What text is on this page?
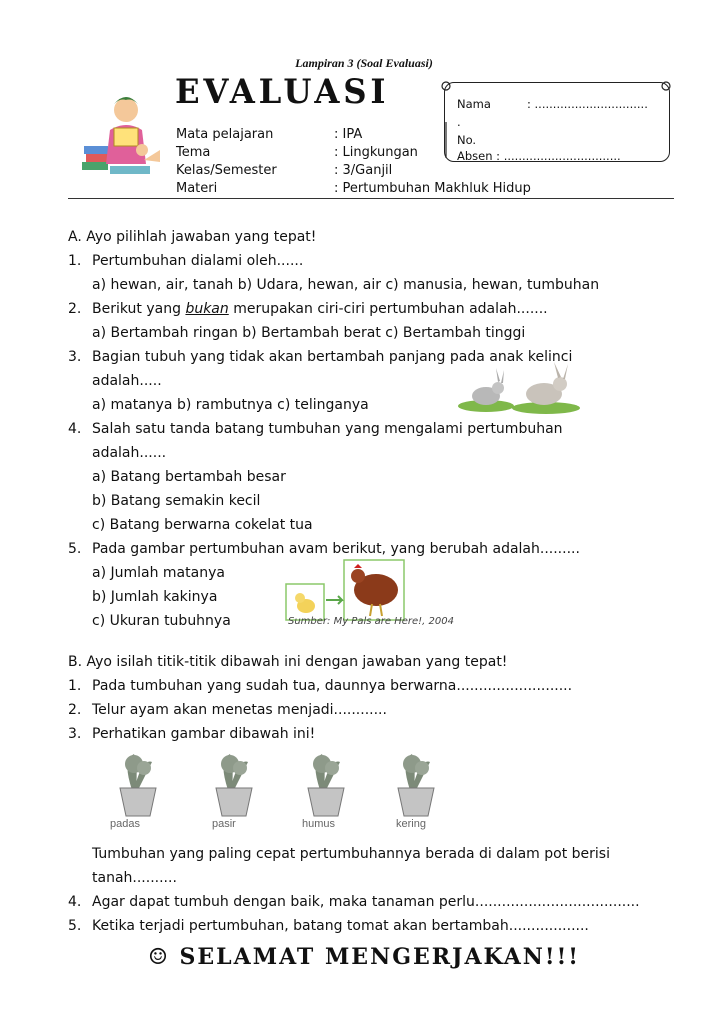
Lampiran 3 (Soal Evaluasi)
EVALUASI
Mata pelajaran	: IPA
Tema	: Lingkungan
Kelas/Semester	: 3/Ganjil
Materi	: Pertumbuhan Makhluk Hidup
Nama	: ...............................
.
No.
Absen : ................................
A. Ayo pilihlah jawaban yang tepat!
1. Pertumbuhan dialami oleh......
a) hewan, air, tanah b) Udara, hewan, air c) manusia, hewan, tumbuhan
2. Berikut yang bukan merupakan ciri-ciri pertumbuhan adalah.......
a) Bertambah ringan b) Bertambah berat c) Bertambah tinggi
3. Bagian tubuh yang tidak akan bertambah panjang pada anak kelinci
adalah.....
a) matanya b) rambutnya c) telinganya
4. Salah satu tanda batang tumbuhan yang mengalami pertumbuhan
adalah......
a) Batang bertambah besar
b) Batang semakin kecil
c) Batang berwarna cokelat tua
5. Pada gambar pertumbuhan avam berikut, yang berubah adalah.........
a) Jumlah matanya
b) Jumlah kakinya
c) Ukuran tubuhnya	Sumber: My Pals are Here!, 2004
B. Ayo isilah titik-titik dibawah ini dengan jawaban yang tepat!
1. Pada tumbuhan yang sudah tua, daunnya berwarna..........................
2. Telur ayam akan menetas menjadi............
3. Perhatikan gambar dibawah ini!
padas	pasir	humus	kering
Tumbuhan yang paling cepat pertumbuhannya berada di dalam pot berisi
tanah..........
4. Agar dapat tumbuh dengan baik, maka tanaman perlu.....................................
5. Ketika terjadi pertumbuhan, batang tomat akan bertambah..................
☺ SELAMAT MENGERJAKAN!!!
